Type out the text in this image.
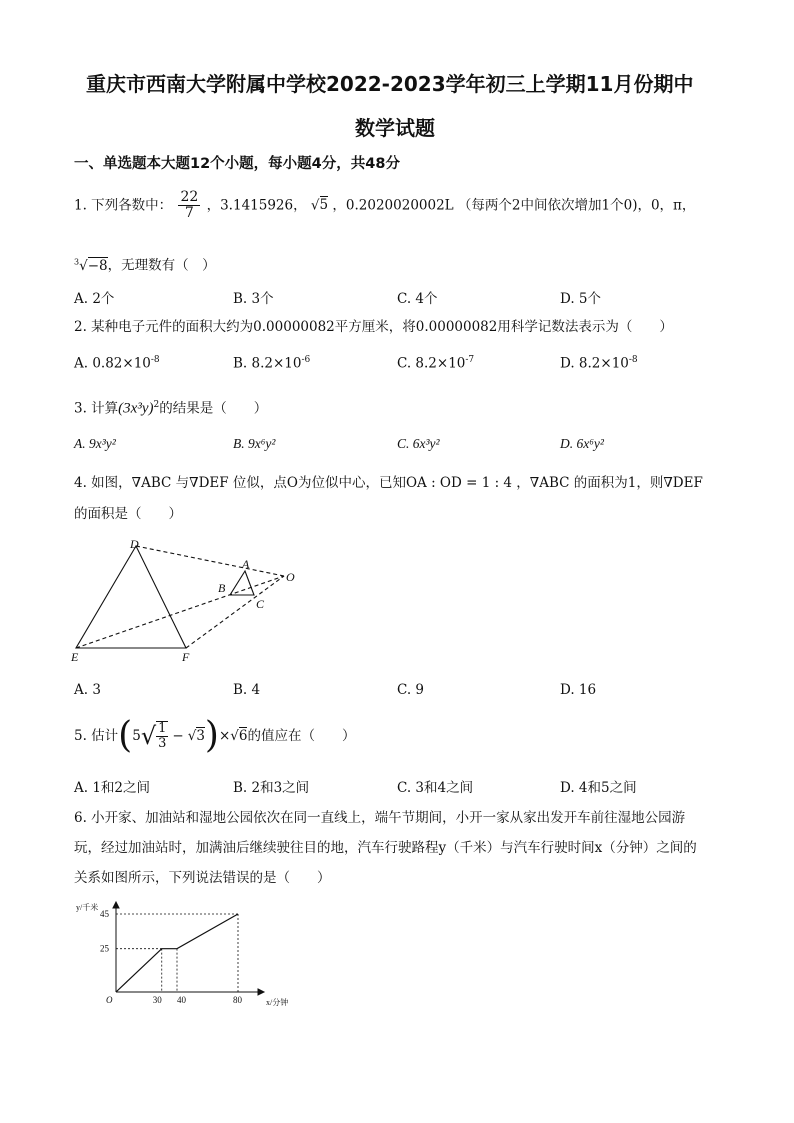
重庆市西南大学附属中学校2022-2023学年初三上学期11月份期中
数学试题
一、单选题本大题12个小题，每小题4分，共48分
1. 下列各数中： $\frac{22}{7}$ ，3.1415926， √5 ，0.2020020002L （每两个2中间依次增加1个0)，0，π，
$^3$√−8，无理数有（　）
A. 2个	B. 3个	C. 4个	D. 5个
2. 某种电子元件的面积大约为0.00000082平方厘米，将0.00000082用科学记数法表示为（　　）
A. $0.82\times 10^{-8}$	B. $8.2\times 10^{-6}$	C. $8.2\times 10^{-7}$	D. $8.2\times 10^{-8}$
3. 计算$(3x^3y)^2$的结果是（　　）
A. 9x³y²	B. 9x⁶y²	C. 6x³y²	D. 6x⁶y²
4. 如图，∇ABC 与∇DEF 位似，点O为位似中心，已知OA : OD = 1 : 4 ，∇ABC 的面积为1，则∇DEF
的面积是（　　）
D
A
B
C
O
E	F
A. 3	B. 4	C. 9	D. 16
5. 估计 ( 5 √ $\frac{1}{3} - √3$ ) × √6 的值应在（　　）
A. 1和2之间	B. 2和3之间	C. 3和4之间	D. 4和5之间
6. 小开家、加油站和湿地公园依次在同一直线上，端午节期间，小开一家从家出发开车前往湿地公园游
玩，经过加油站时，加满油后继续驶往目的地，汽车行驶路程y（千米）与汽车行驶时间x（分钟）之间的
关系如图所示，下列说法错误的是（　　）
25
45
30 40	80
O	x/分钟
y/千米
